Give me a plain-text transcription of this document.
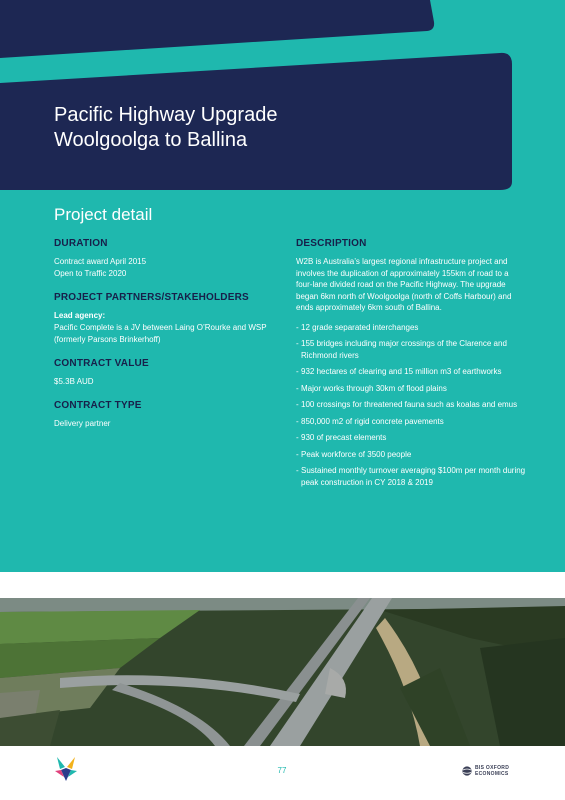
Pacific Highway Upgrade
Woolgoolga to Ballina
Project detail

DURATION

Contract award April 2015

Open to Traffic 2020

PROJECT PARTNERS/STAKEHOLDERS

Lead agency:

Pacific Complete is a JV between Laing O’Rourke and WSP (formerly Parsons Brinkerhoff)

CONTRACT VALUE

$5.3B AUD

CONTRACT TYPE

Delivery partner

DESCRIPTION

W2B is Australia’s largest regional infrastructure project and involves the duplication of approximately 155km of road to a four-lane divided road on the Pacific Highway. The upgrade began 6km north of Woolgoolga (north of Coffs Harbour) and ends approximately 6km south of Ballina.

- 12 grade separated interchanges
- 155 bridges including major crossings of the Clarence and Richmond rivers
- 932 hectares of clearing and 15 million m3 of earthworks
- Major works through 30km of flood plains
- 100 crossings for threatened fauna such as koalas and emus
- 850,000 m2 of rigid concrete pavements
- 930 of precast elements
- Peak workforce of 3500 people
- Sustained monthly turnover averaging $100m per month during peak construction in CY 2018 & 2019
77	BIS OXFORD
ECONOMICS
